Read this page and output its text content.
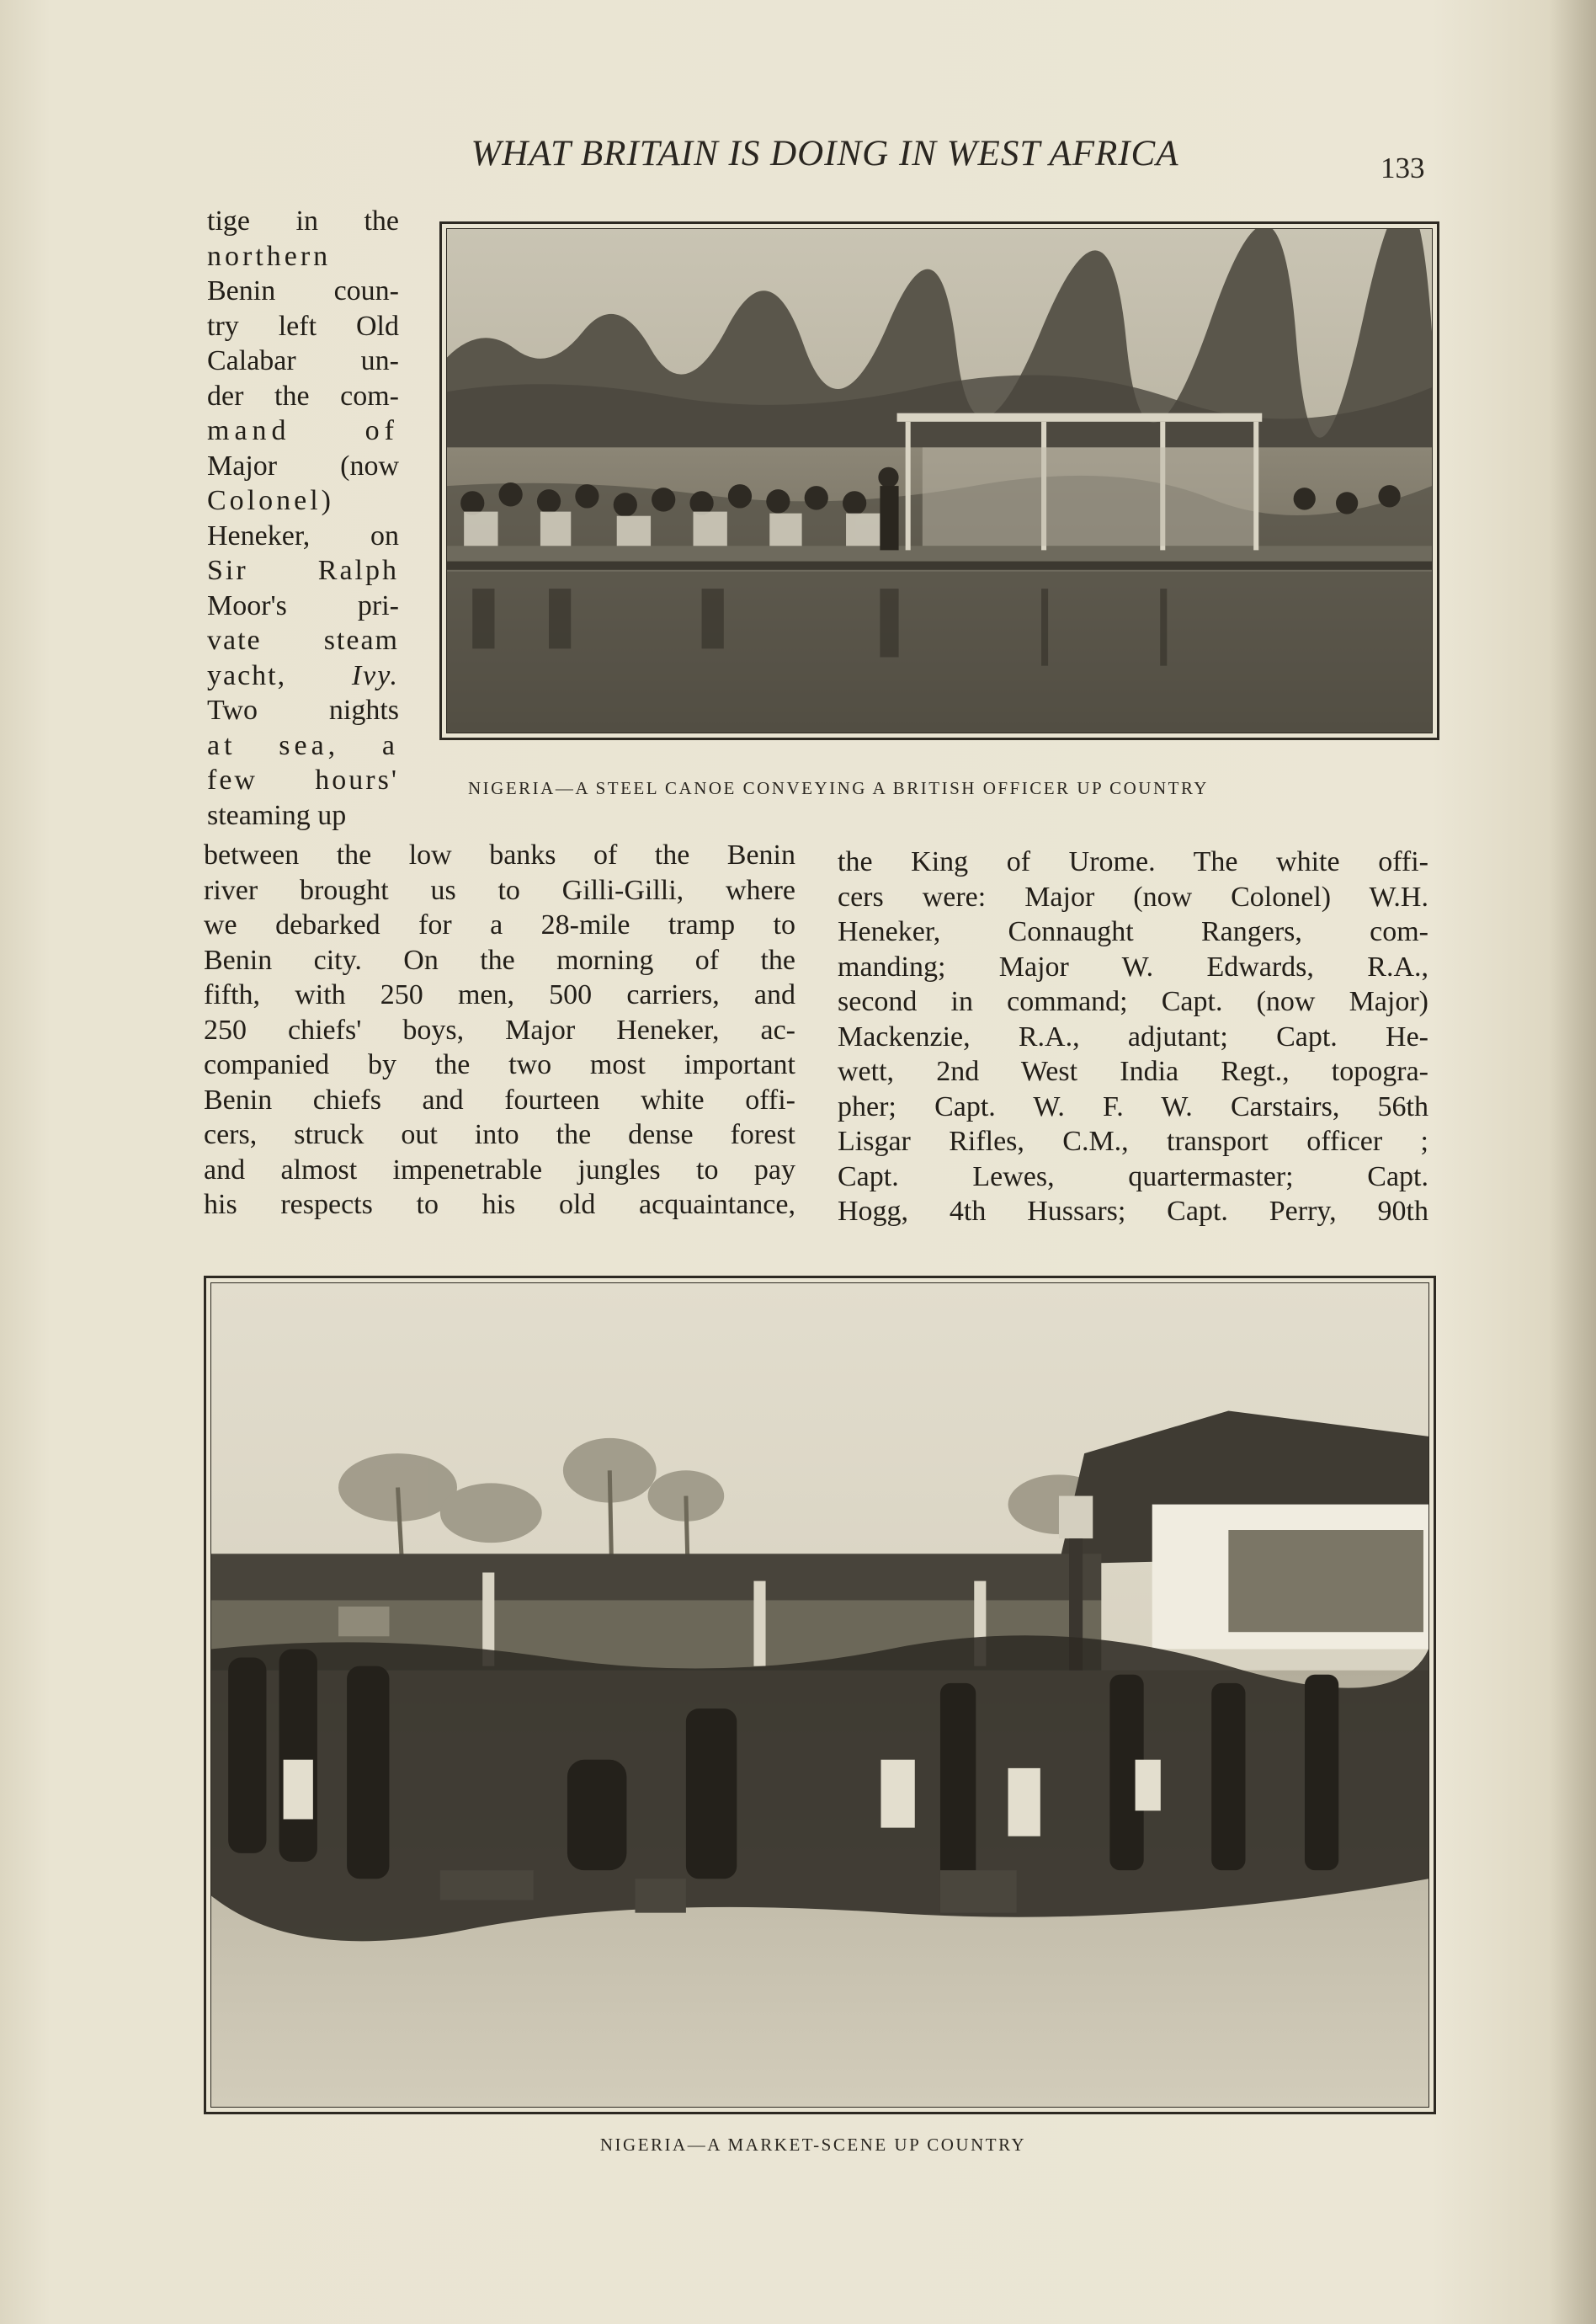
WHAT BRITAIN IS DOING IN WEST AFRICA	133
tige in the
northern
Benin coun-
try left Old
Calabar un-
der the com-
mand of
Major (now
Colonel)
Heneker, on
Sir Ralph
Moor's pri-
vate steam
yacht, Ivy.
Two nights
at sea, a
few hours'
steaming up
NIGERIA—A STEEL CANOE CONVEYING A BRITISH OFFICER UP COUNTRY
between the low banks of the Benin
river brought us to Gilli-Gilli, where
we debarked for a 28-mile tramp to
Benin city. On the morning of the
fifth, with 250 men, 500 carriers, and
250 chiefs' boys, Major Heneker, ac-
companied by the two most important
Benin chiefs and fourteen white offi-
cers, struck out into the dense forest
and almost impenetrable jungles to pay
his respects to his old acquaintance,
the King of Urome. The white offi-
cers were: Major (now Colonel) W.H.
Heneker, Connaught Rangers, com-
manding; Major W. Edwards, R.A.,
second in command; Capt. (now Major)
Mackenzie, R.A., adjutant; Capt. He-
wett, 2nd West India Regt., topogra-
pher; Capt. W. F. W. Carstairs, 56th
Lisgar Rifles, C.M., transport officer ;
Capt. Lewes, quartermaster; Capt.
Hogg, 4th Hussars; Capt. Perry, 90th
NIGERIA—A MARKET-SCENE UP COUNTRY
